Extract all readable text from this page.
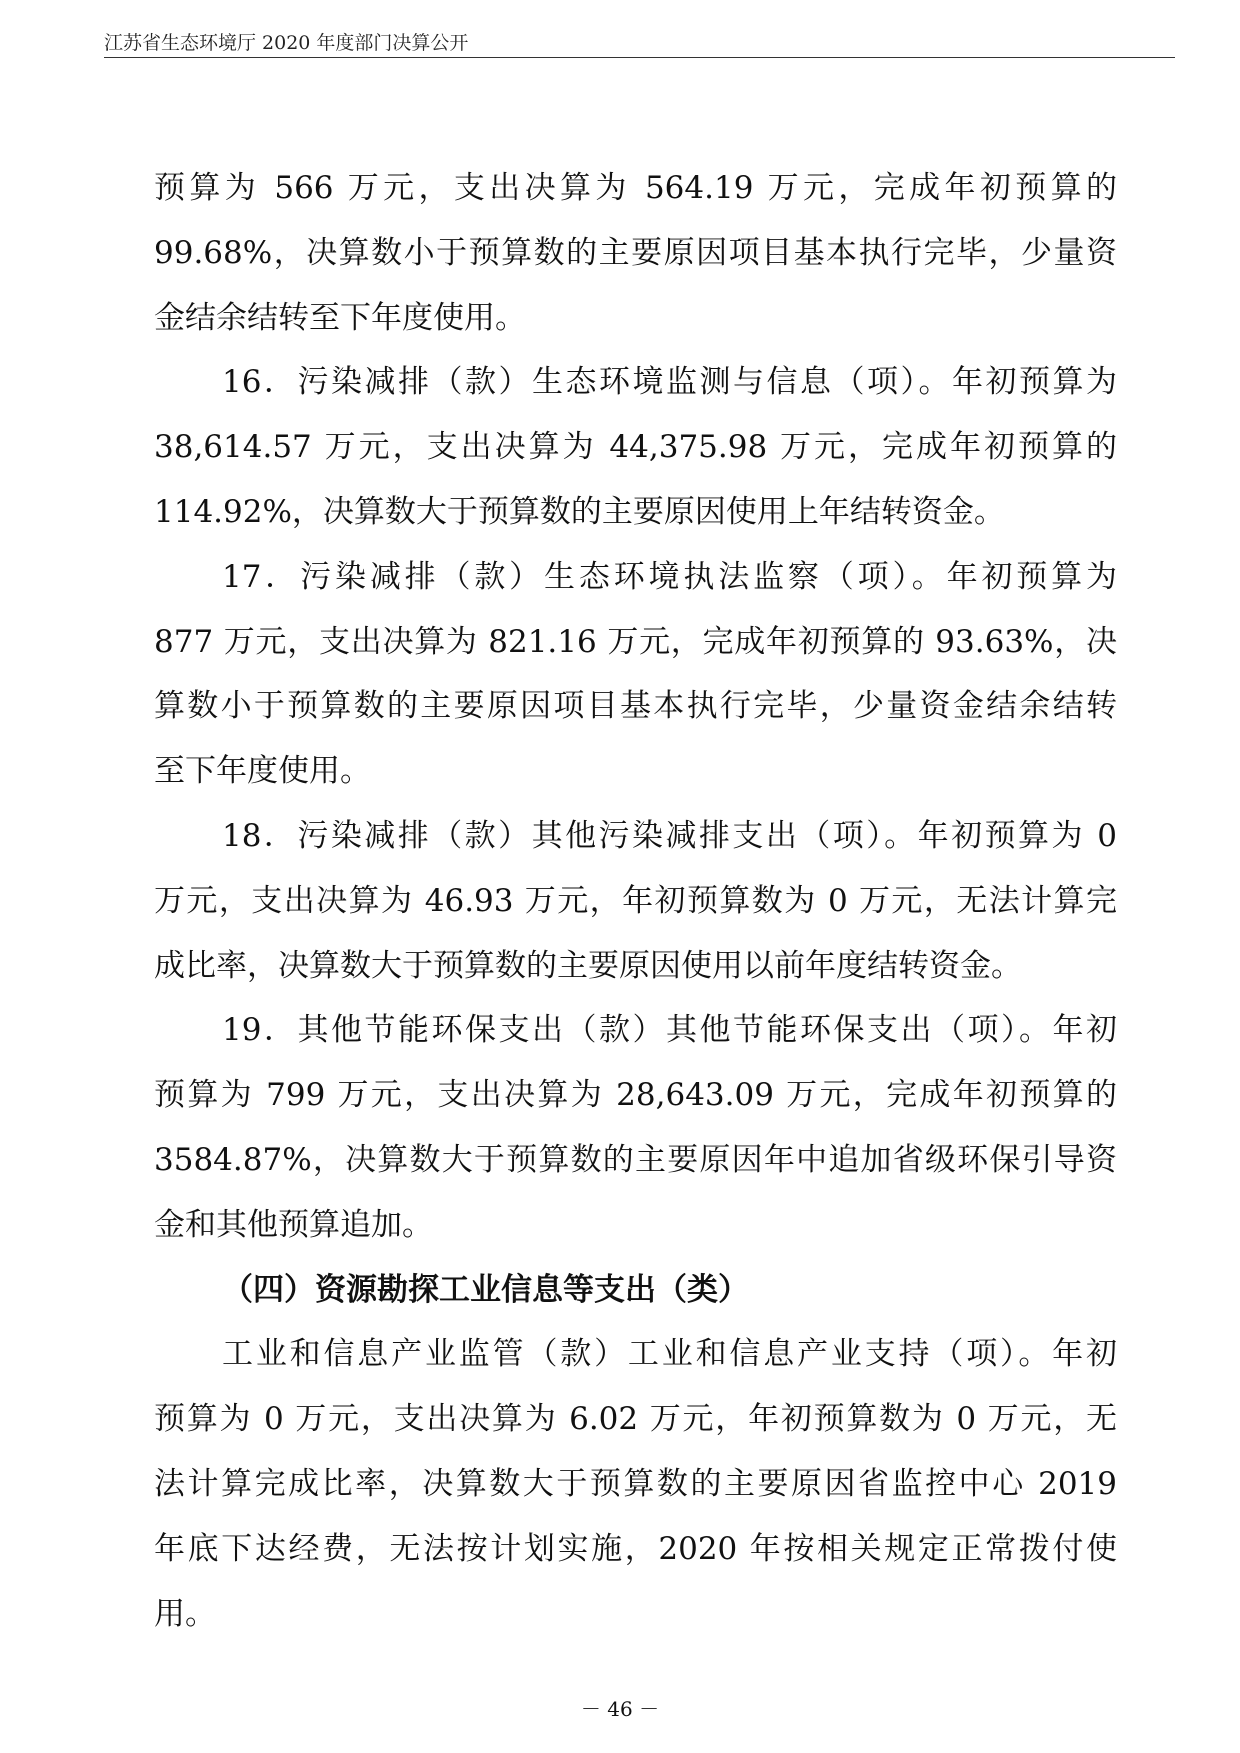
江苏省生态环境厅 2020 年度部门决算公开
预算为 566 万元，支出决算为 564.19 万元，完成年初预算的
99.68%，决算数小于预算数的主要原因项目基本执行完毕，少量资
金结余结转至下年度使用。
16．污染减排（款）生态环境监测与信息（项）。年初预算为
38,614.57 万元，支出决算为 44,375.98 万元，完成年初预算的
114.92%，决算数大于预算数的主要原因使用上年结转资金。
17．污染减排（款）生态环境执法监察（项）。年初预算为
877 万元，支出决算为 821.16 万元，完成年初预算的 93.63%，决
算数小于预算数的主要原因项目基本执行完毕，少量资金结余结转
至下年度使用。
18．污染减排（款）其他污染减排支出（项）。年初预算为 0
万元，支出决算为 46.93 万元，年初预算数为 0 万元，无法计算完
成比率，决算数大于预算数的主要原因使用以前年度结转资金。
19．其他节能环保支出（款）其他节能环保支出（项）。年初
预算为 799 万元，支出决算为 28,643.09 万元，完成年初预算的
3584.87%，决算数大于预算数的主要原因年中追加省级环保引导资
金和其他预算追加。
（四）资源勘探工业信息等支出（类）
工业和信息产业监管（款）工业和信息产业支持（项）。年初
预算为 0 万元，支出决算为 6.02 万元，年初预算数为 0 万元，无
法计算完成比率，决算数大于预算数的主要原因省监控中心 2019
年底下达经费，无法按计划实施，2020 年按相关规定正常拨付使
用。
－ 46 －
